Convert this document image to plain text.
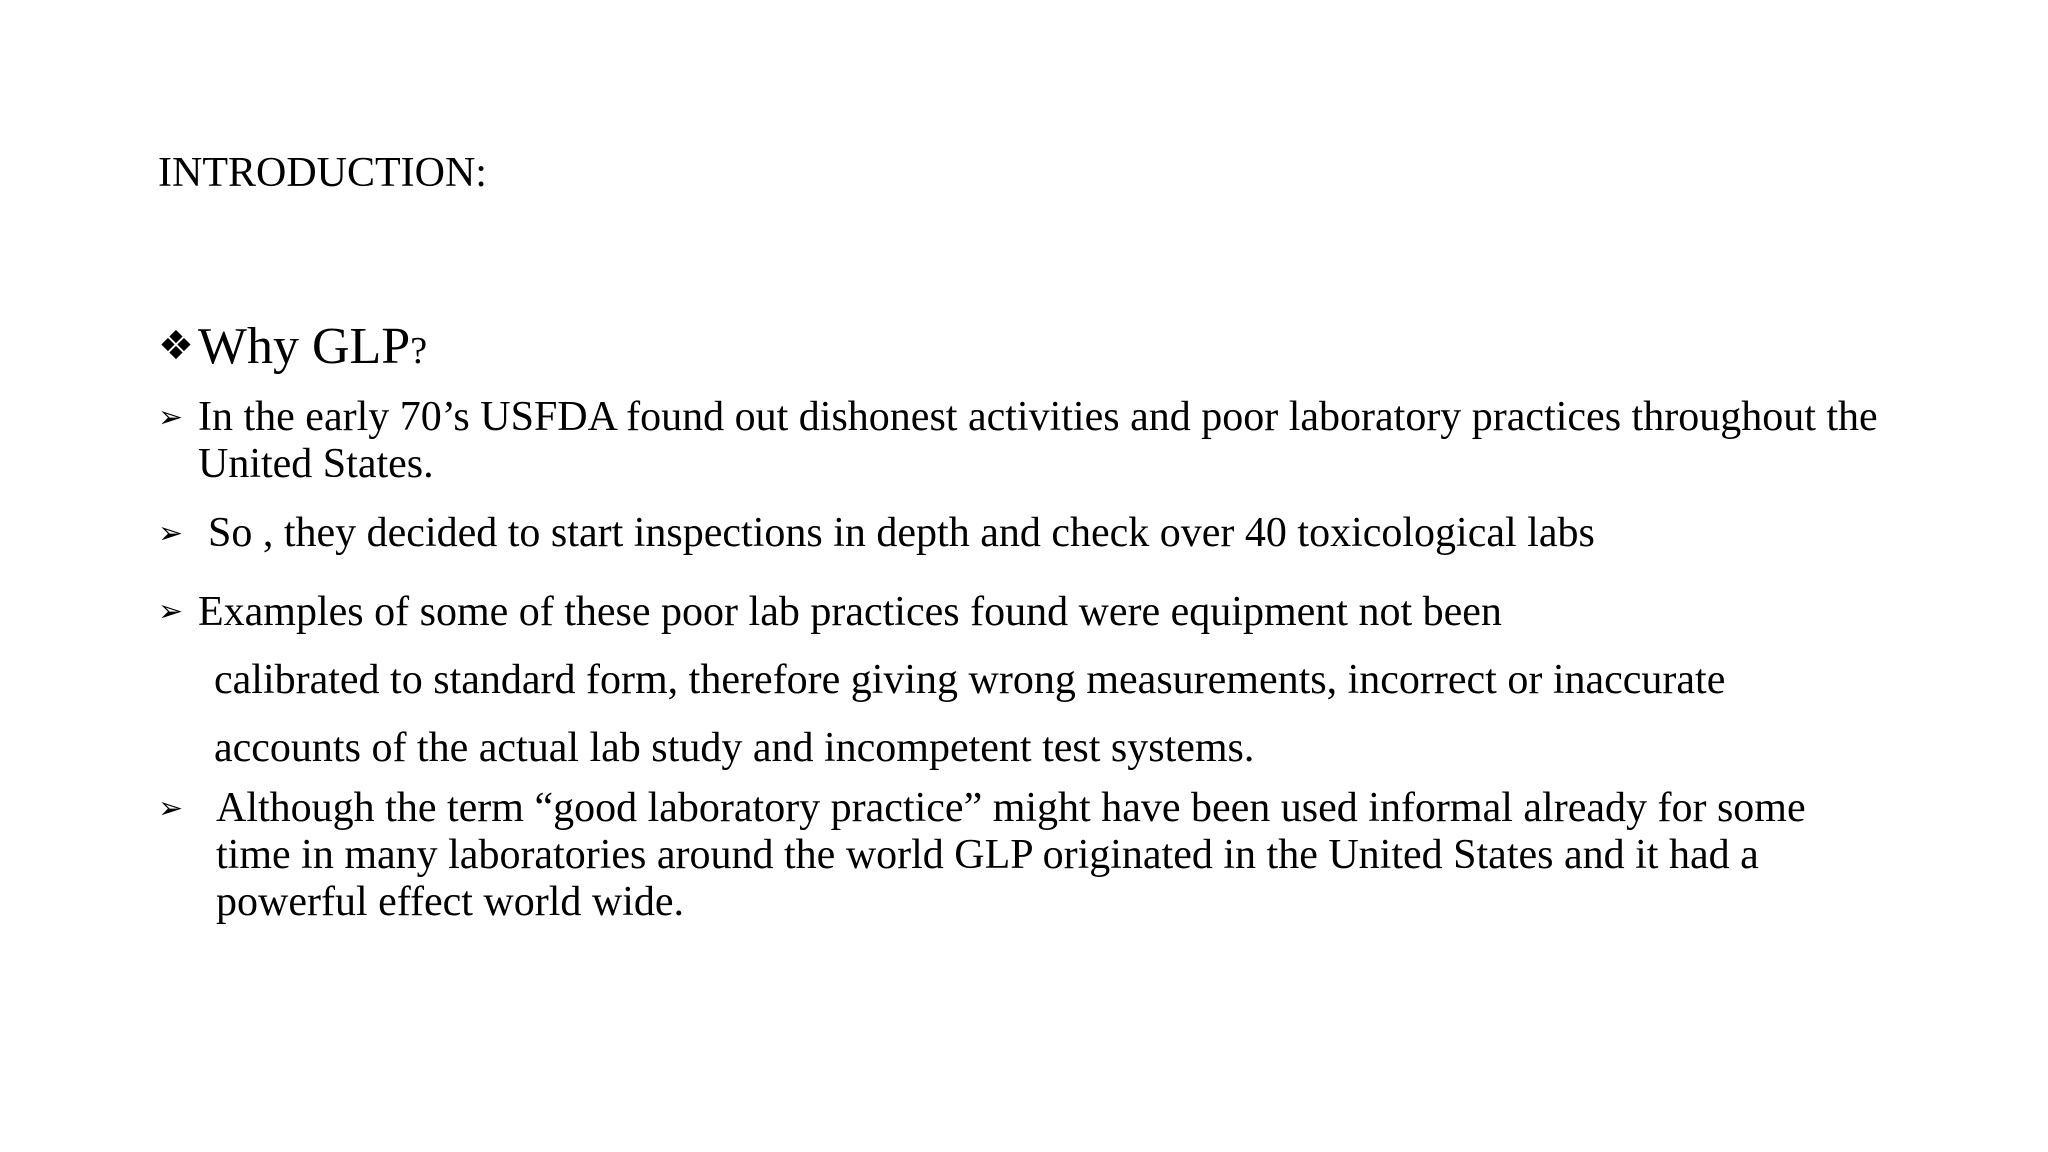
INTRODUCTION:
❖Why GLP?
➢ In the early 70’s USFDA found out dishonest activities and poor laboratory practices throughout the United States.
➢ So , they decided to start inspections in depth and check over 40 toxicological labs
➢ Examples of some of these poor lab practices found were equipment not been
calibrated to standard form, therefore giving wrong measurements, incorrect or inaccurate
accounts of the actual lab study and incompetent test systems.
➢ Although the term “good laboratory practice” might have been used informal already for some time in many laboratories around the world GLP originated in the United States and it had a powerful effect world wide.
